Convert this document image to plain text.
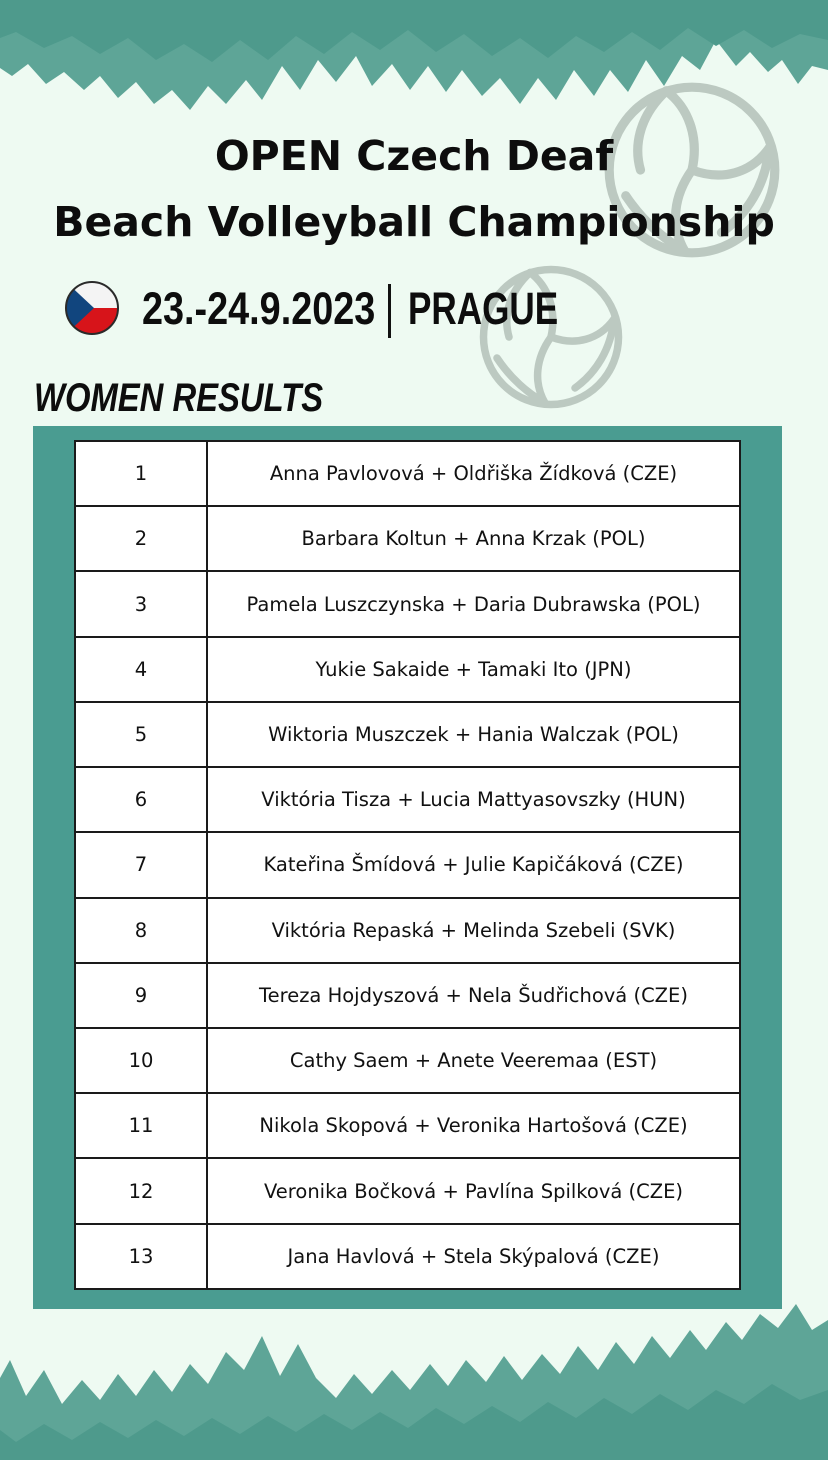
OPEN Czech Deaf
Beach Volleyball Championship
23.-24.9.2023 PRAGUE
WOMEN RESULTS
1	Anna Pavlovová + Oldřiška Žídková (CZE)
2	Barbara Koltun + Anna Krzak (POL)
3	Pamela Luszczynska + Daria Dubrawska (POL)
4	Yukie Sakaide + Tamaki Ito (JPN)
5	Wiktoria Muszczek + Hania Walczak (POL)
6	Viktória Tisza + Lucia Mattyasovszky (HUN)
7	Kateřina Šmídová + Julie Kapičáková (CZE)
8	Viktória Repaská + Melinda Szebeli (SVK)
9	Tereza Hojdyszová + Nela Šudřichová (CZE)
10	Cathy Saem + Anete Veeremaa (EST)
11	Nikola Skopová + Veronika Hartošová (CZE)
12	Veronika Bočková + Pavlína Spilková (CZE)
13	Jana Havlová + Stela Skýpalová (CZE)
